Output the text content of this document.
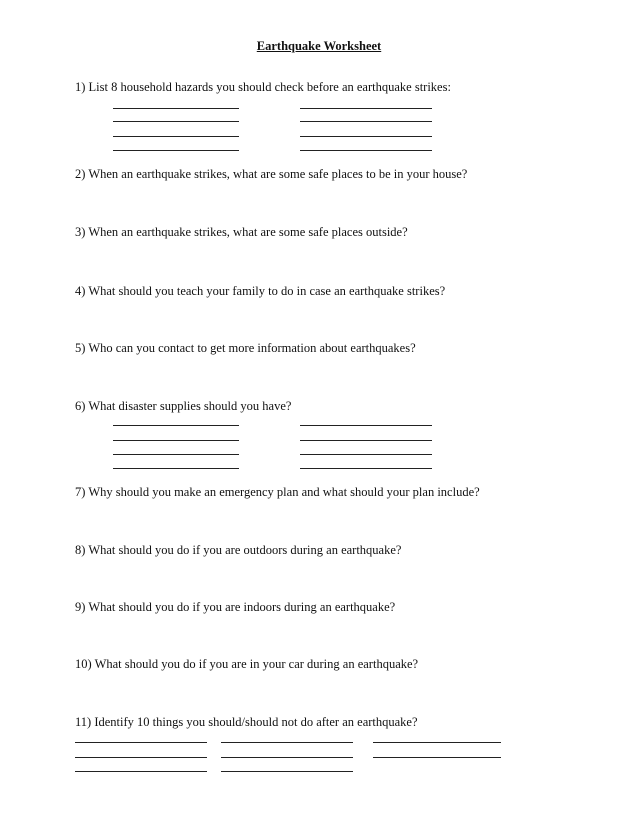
Earthquake Worksheet
1) List 8 household hazards you should check before an earthquake strikes:
2) When an earthquake strikes, what are some safe places to be in your house?
3) When an earthquake strikes, what are some safe places outside?
4) What should you teach your family to do in case an earthquake strikes?
5) Who can you contact to get more information about earthquakes?
6) What disaster supplies should you have?
7) Why should you make an emergency plan and what should your plan include?
8) What should you do if you are outdoors during an earthquake?
9) What should you do if you are indoors during an earthquake?
10) What should you do if you are in your car during an earthquake?
11) Identify 10 things you should/should not do after an earthquake?
